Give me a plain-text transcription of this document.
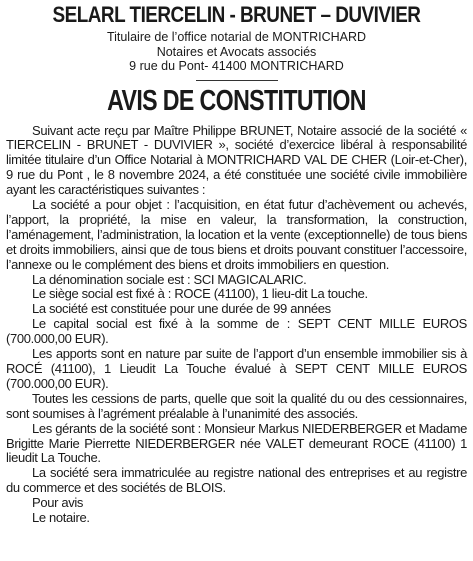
SELARL TIERCELIN - BRUNET – DUVIVIER
Titulaire de l’office notarial de MONTRICHARD
Notaires et Avocats associés
9 rue du Pont- 41400 MONTRICHARD
AVIS DE CONSTITUTION

Suivant acte reçu par Maître Philippe BRUNET, Notaire associé de la société « TIERCELIN - BRUNET - DUVIVIER », société d’exercice libéral à responsabilité limitée titulaire d’un Office Notarial à MONTRICHARD VAL DE CHER (Loir-et-Cher), 9 rue du Pont , le 8 novembre 2024, a été constituée une société civile immobilière ayant les caractéristiques suivantes :

La société a pour objet : l’acquisition, en état futur d’achèvement ou achevés, l’apport, la propriété, la mise en valeur, la transformation, la construction, l’aménagement, l’administration, la location et la vente (exceptionnelle) de tous biens et droits immobiliers, ainsi que de tous biens et droits pouvant constituer l’accessoire, l’annexe ou le complément des biens et droits immobiliers en question.

La dénomination sociale est : SCI MAGICALARIC.

Le siège social est fixé à : ROCE (41100), 1 lieu-dit La touche.

La société est constituée pour une durée de 99 années

Le capital social est fixé à la somme de : SEPT CENT MILLE EUROS (700.000,00 EUR).

Les apports sont en nature par suite de l’apport d’un ensemble immobilier sis à ROCÉ (41100), 1 Lieudit La Touche évalué à SEPT CENT MILLE EUROS (700.000,00 EUR).

Toutes les cessions de parts, quelle que soit la qualité du ou des cessionnaires, sont soumises à l’agrément préalable à l’unanimité des associés.

Les gérants de la société sont : Monsieur Markus NIEDERBERGER et Madame Brigitte Marie Pierrette NIEDERBERGER née VALET demeurant ROCE (41100) 1 lieudit La Touche.

La société sera immatriculée au registre national des entreprises et au registre du commerce et des sociétés de BLOIS.

Pour avis

Le notaire.
